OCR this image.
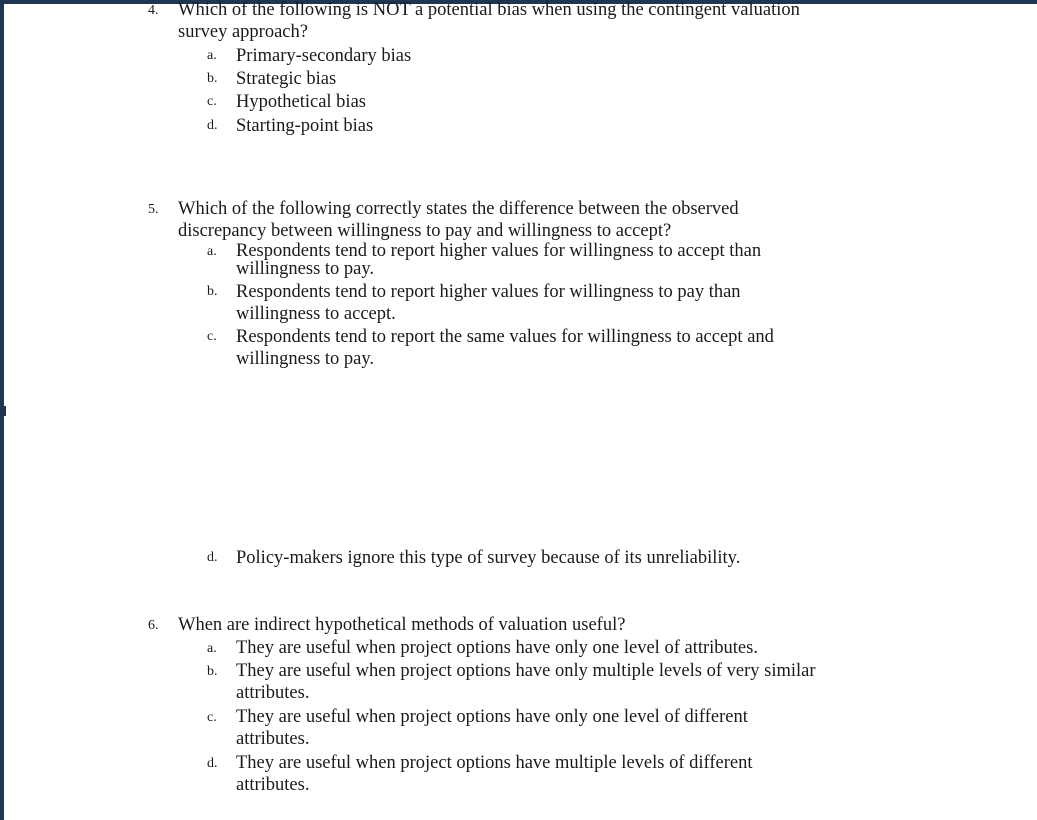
4.	Which of the following is NOT a potential bias when using the contingent valuation survey approach?
a.	Primary-secondary bias
b.	Strategic bias
c.	Hypothetical bias
d.	Starting-point bias
5.	Which of the following correctly states the difference between the observed discrepancy between willingness to pay and willingness to accept?
a.	Respondents tend to report higher values for willingness to accept than willingness to pay.
b.	Respondents tend to report higher values for willingness to pay than willingness to accept.
c.	Respondents tend to report the same values for willingness to accept and willingness to pay.
d.	Policy-makers ignore this type of survey because of its unreliability.
6.	When are indirect hypothetical methods of valuation useful?
a.	They are useful when project options have only one level of attributes.
b.	They are useful when project options have only multiple levels of very similar attributes.
c.	They are useful when project options have only one level of different attributes.
d.	They are useful when project options have multiple levels of different attributes.
